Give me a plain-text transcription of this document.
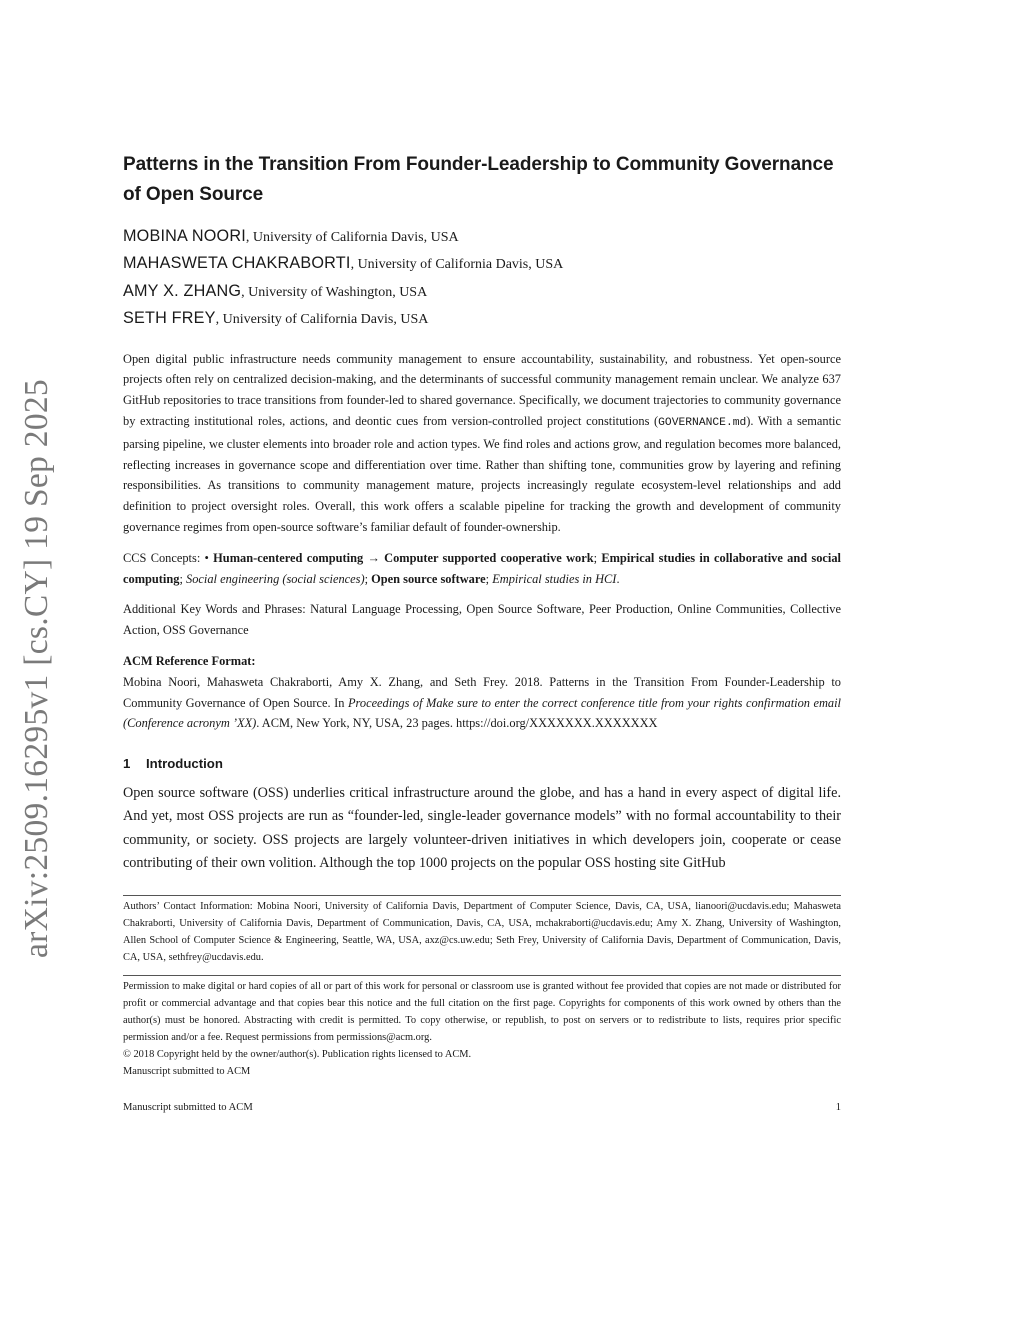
arXiv:2509.16295v1 [cs.CY] 19 Sep 2025
Patterns in the Transition From Founder-Leadership to Community Governance of Open Source
MOBINA NOORI, University of California Davis, USA
MAHASWETA CHAKRABORTI, University of California Davis, USA
AMY X. ZHANG, University of Washington, USA
SETH FREY, University of California Davis, USA

Open digital public infrastructure needs community management to ensure accountability, sustainability, and robustness. Yet open-source projects often rely on centralized decision-making, and the determinants of successful community management remain unclear. We analyze 637 GitHub repositories to trace transitions from founder-led to shared governance. Specifically, we document trajectories to community governance by extracting institutional roles, actions, and deontic cues from version-controlled project constitutions (GOVERNANCE.md). With a semantic parsing pipeline, we cluster elements into broader role and action types. We find roles and actions grow, and regulation becomes more balanced, reflecting increases in governance scope and differentiation over time. Rather than shifting tone, communities grow by layering and refining responsibilities. As transitions to community management mature, projects increasingly regulate ecosystem-level relationships and add definition to project oversight roles. Overall, this work offers a scalable pipeline for tracking the growth and development of community governance regimes from open-source software’s familiar default of founder-ownership.

CCS Concepts: • Human-centered computing → Computer supported cooperative work; Empirical studies in collaborative and social computing; Social engineering (social sciences); Open source software; Empirical studies in HCI.

Additional Key Words and Phrases: Natural Language Processing, Open Source Software, Peer Production, Online Communities, Collective Action, OSS Governance

ACM Reference Format:

Mobina Noori, Mahasweta Chakraborti, Amy X. Zhang, and Seth Frey. 2018. Patterns in the Transition From Founder-Leadership to Community Governance of Open Source. In Proceedings of Make sure to enter the correct conference title from your rights confirmation email (Conference acronym ’XX). ACM, New York, NY, USA, 23 pages. https://doi.org/XXXXXXX.XXXXXXX

1 Introduction

Open source software (OSS) underlies critical infrastructure around the globe, and has a hand in every aspect of digital life. And yet, most OSS projects are run as “founder-led, single-leader governance models” with no formal accountability to their community, or society. OSS projects are largely volunteer-driven initiatives in which developers join, cooperate or cease contributing of their own volition. Although the top 1000 projects on the popular OSS hosting site GitHub

Authors’ Contact Information: Mobina Noori, University of California Davis, Department of Computer Science, Davis, CA, USA, lianoori@ucdavis.edu; Mahasweta Chakraborti, University of California Davis, Department of Communication, Davis, CA, USA, mchakraborti@ucdavis.edu; Amy X. Zhang, University of Washington, Allen School of Computer Science & Engineering, Seattle, WA, USA, axz@cs.uw.edu; Seth Frey, University of California Davis, Department of Communication, Davis, CA, USA, sethfrey@ucdavis.edu.
Permission to make digital or hard copies of all or part of this work for personal or classroom use is granted without fee provided that copies are not made or distributed for profit or commercial advantage and that copies bear this notice and the full citation on the first page. Copyrights for components of this work owned by others than the author(s) must be honored. Abstracting with credit is permitted. To copy otherwise, or republish, to post on servers or to redistribute to lists, requires prior specific permission and/or a fee. Request permissions from permissions@acm.org.
© 2018 Copyright held by the owner/author(s). Publication rights licensed to ACM.
Manuscript submitted to ACM
Manuscript submitted to ACM	1
